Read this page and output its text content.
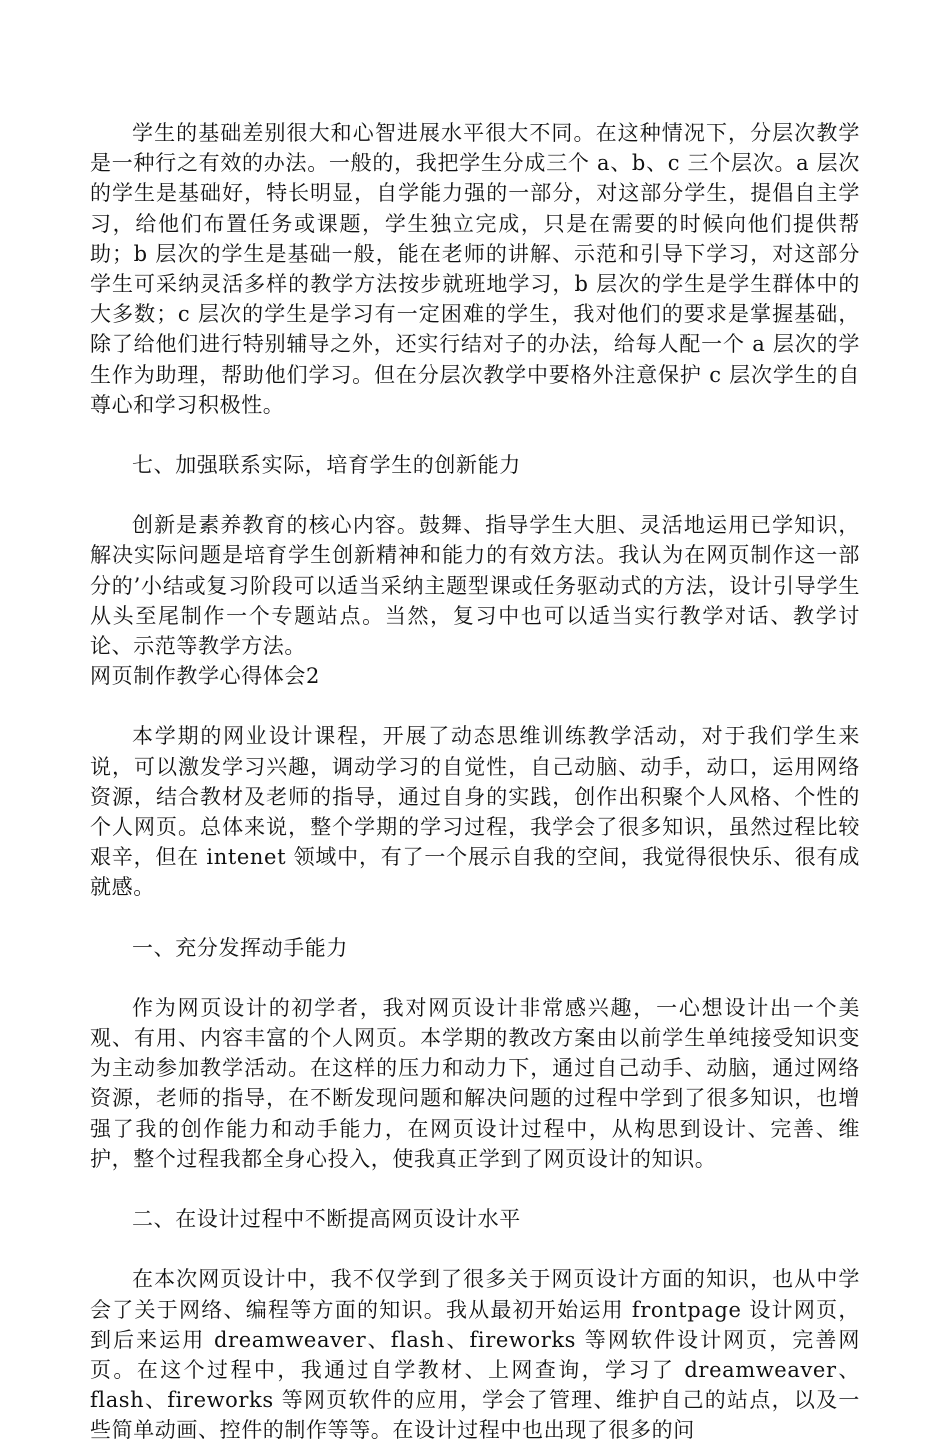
学生的基础差别很大和心智进展水平很大不同。在这种情况下，分层次教学是一种行之有效的办法。一般的，我把学生分成三个 a、b、c 三个层次。a 层次的学生是基础好，特长明显，自学能力强的一部分，对这部分学生，提倡自主学习，给他们布置任务或课题，学生独立完成，只是在需要的时候向他们提供帮助；b 层次的学生是基础一般，能在老师的讲解、示范和引导下学习，对这部分学生可采纳灵活多样的教学方法按步就班地学习，b 层次的学生是学生群体中的大多数；c 层次的学生是学习有一定困难的学生，我对他们的要求是掌握基础，除了给他们进行特别辅导之外，还实行结对子的办法，给每人配一个 a 层次的学生作为助理，帮助他们学习。但在分层次教学中要格外注意保护 c 层次学生的自尊心和学习积极性。

七、加强联系实际，培育学生的创新能力

创新是素养教育的核心内容。鼓舞、指导学生大胆、灵活地运用已学知识，解决实际问题是培育学生创新精神和能力的有效方法。我认为在网页制作这一部分的’小结或复习阶段可以适当采纳主题型课或任务驱动式的方法，设计引导学生从头至尾制作一个专题站点。当然，复习中也可以适当实行教学对话、教学讨论、示范等教学方法。

网页制作教学心得体会2

本学期的网业设计课程，开展了动态思维训练教学活动，对于我们学生来说，可以激发学习兴趣，调动学习的自觉性，自己动脑、动手，动口，运用网络资源，结合教材及老师的指导，通过自身的实践，创作出积聚个人风格、个性的个人网页。总体来说，整个学期的学习过程，我学会了很多知识，虽然过程比较艰辛，但在 intenet 领域中，有了一个展示自我的空间，我觉得很快乐、很有成就感。

一、充分发挥动手能力

作为网页设计的初学者，我对网页设计非常感兴趣，一心想设计出一个美观、有用、内容丰富的个人网页。本学期的教改方案由以前学生单纯接受知识变为主动参加教学活动。在这样的压力和动力下，通过自己动手、动脑，通过网络资源，老师的指导，在不断发现问题和解决问题的过程中学到了很多知识，也增强了我的创作能力和动手能力，在网页设计过程中，从构思到设计、完善、维护，整个过程我都全身心投入，使我真正学到了网页设计的知识。

二、在设计过程中不断提高网页设计水平

在本次网页设计中，我不仅学到了很多关于网页设计方面的知识，也从中学会了关于网络、编程等方面的知识。我从最初开始运用 frontpage 设计网页，到后来运用 dreamweaver、flash、fireworks 等网软件设计网页，完善网页。在这个过程中，我通过自学教材、上网查询，学习了 dreamweaver、flash、fireworks 等网页软件的应用，学会了管理、维护自己的站点，以及一些简单动画、控件的制作等等。在设计过程中也出现了很多的问
